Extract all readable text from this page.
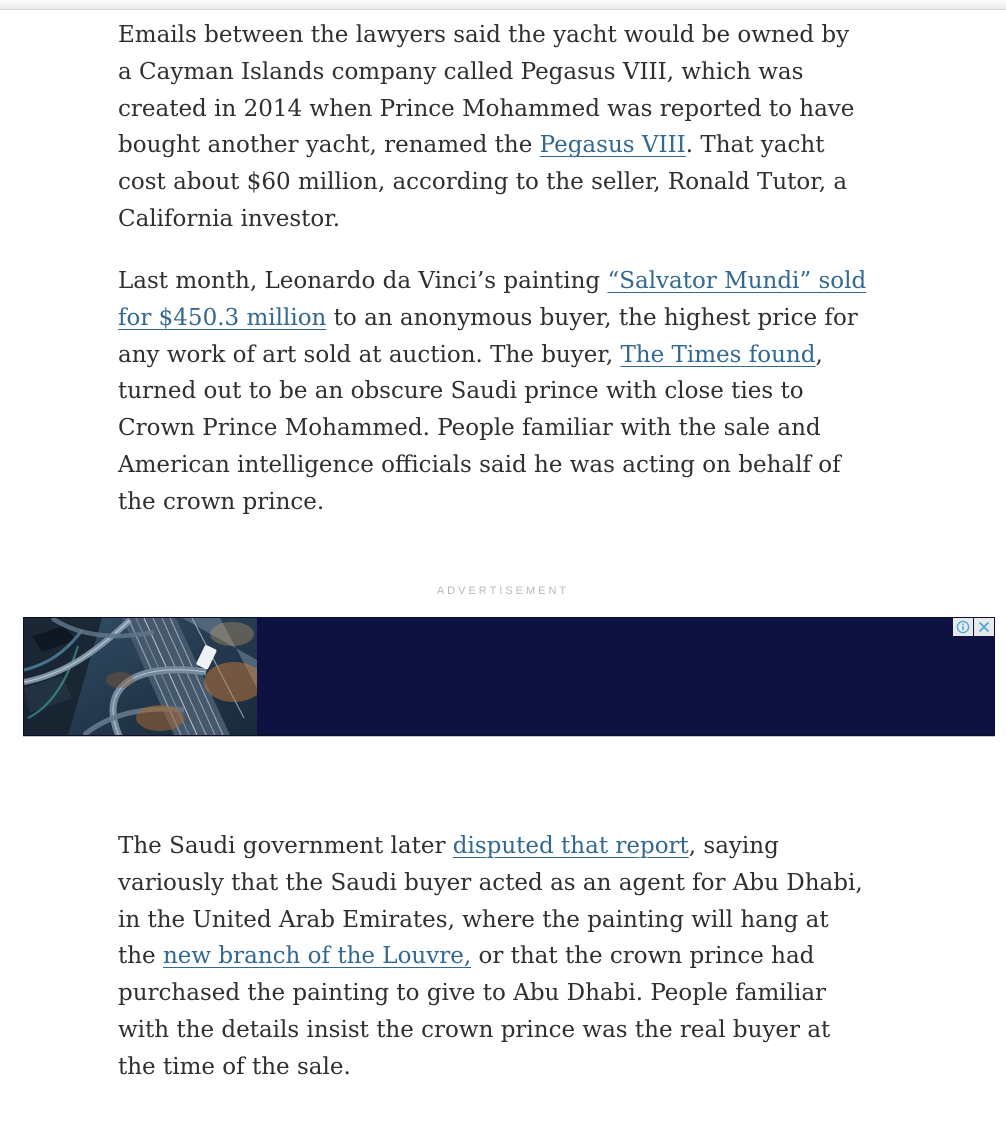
Emails between the lawyers said the yacht would be owned by a Cayman Islands company called Pegasus VIII, which was created in 2014 when Prince Mohammed was reported to have bought another yacht, renamed the Pegasus VIII. That yacht cost about $60 million, according to the seller, Ronald Tutor, a California investor.

Last month, Leonardo da Vinci’s painting “Salvator Mundi” sold for $450.3 million to an anonymous buyer, the highest price for any work of art sold at auction. The buyer, The Times found, turned out to be an obscure Saudi prince with close ties to Crown Prince Mohammed. People familiar with the sale and American intelligence officials said he was acting on behalf of the crown prince.

The Saudi government later disputed that report, saying variously that the Saudi buyer acted as an agent for Abu Dhabi, in the United Arab Emirates, where the painting will hang at the new branch of the Louvre, or that the crown prince had purchased the painting to give to Abu Dhabi. People familiar with the details insist the crown prince was the real buyer at the time of the sale.

ADVERTISEMENT
